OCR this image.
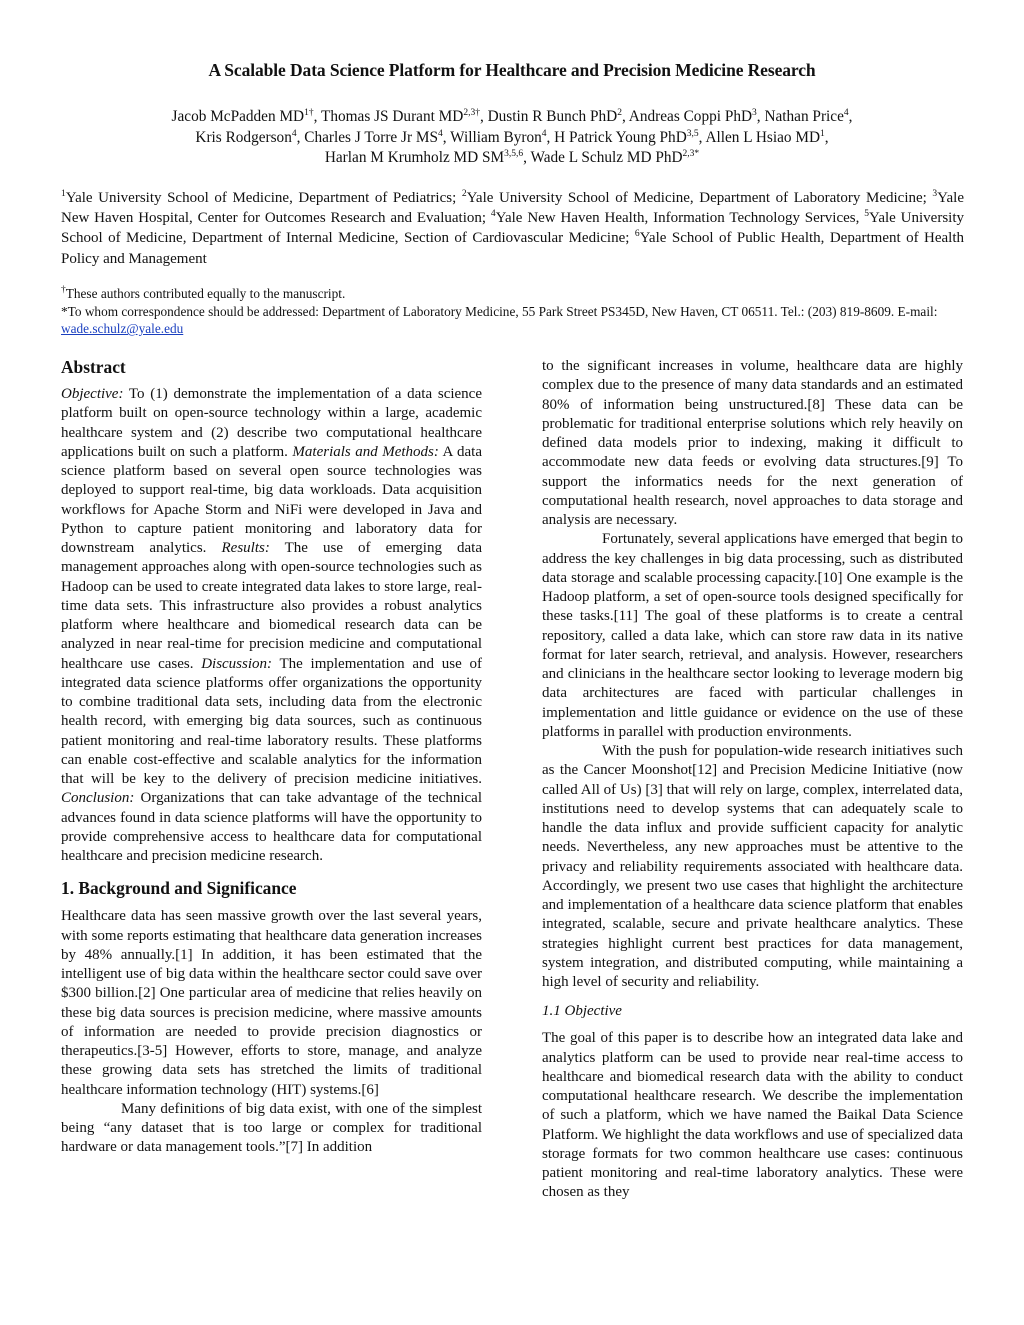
A Scalable Data Science Platform for Healthcare and Precision Medicine Research
Jacob McPadden $MD^{1\dagger}$, Thomas JS Durant $MD^{2,3\dagger}$, Dustin R Bunch PhD$^2$, Andreas Coppi PhD$^3$, Nathan Price$^4$,
Kris Rodgerson$^4$, Charles J Torre Jr $MS^4$, William Byron$^4$, H Patrick Young PhD$^{3,5}$, Allen L Hsiao $MD^1$,
Harlan M Krumholz MD SM$^{3,5,6}$, Wade L Schulz MD PhD$^{2,3*}$
$^1$Yale University School of Medicine, Department of Pediatrics; $^2$Yale University School of Medicine, Department of Laboratory Medicine; $^3$Yale New Haven Hospital, Center for Outcomes Research and Evaluation; $^4$Yale New Haven Health, Information Technology Services, $^5$Yale University School of Medicine, Department of Internal Medicine, Section of Cardiovascular Medicine; $^6$Yale School of Public Health, Department of Health Policy and Management
†These authors contributed equally to the manuscript.
*To whom correspondence should be addressed: Department of Laboratory Medicine, 55 Park Street PS345D, New Haven, CT 06511. Tel.: (203) 819-8609. E-mail: wade.schulz@yale.edu
Abstract

Objective: To (1) demonstrate the implementation of a data science platform built on open-source technology within a large, academic healthcare system and (2) describe two computational healthcare applications built on such a platform. Materials and Methods: A data science platform based on several open source technologies was deployed to support real-time, big data workloads. Data acquisition workflows for Apache Storm and NiFi were developed in Java and Python to capture patient monitoring and laboratory data for downstream analytics. Results: The use of emerging data management approaches along with open-source technologies such as Hadoop can be used to create integrated data lakes to store large, real-time data sets. This infrastructure also provides a robust analytics platform where healthcare and biomedical research data can be analyzed in near real-time for precision medicine and computational healthcare use cases. Discussion: The implementation and use of integrated data science platforms offer organizations the opportunity to combine traditional data sets, including data from the electronic health record, with emerging big data sources, such as continuous patient monitoring and real-time laboratory results. These platforms can enable cost-effective and scalable analytics for the information that will be key to the delivery of precision medicine initiatives. Conclusion: Organizations that can take advantage of the technical advances found in data science platforms will have the opportunity to provide comprehensive access to healthcare data for computational healthcare and precision medicine research.

1. Background and Significance

Healthcare data has seen massive growth over the last several years, with some reports estimating that healthcare data generation increases by 48% annually.[1] In addition, it has been estimated that the intelligent use of big data within the healthcare sector could save over $300 billion.[2] One particular area of medicine that relies heavily on these big data sources is precision medicine, where massive amounts of information are needed to provide precision diagnostics or therapeutics.[3-5] However, efforts to store, manage, and analyze these growing data sets has stretched the limits of traditional healthcare information technology (HIT) systems.[6]

Many definitions of big data exist, with one of the simplest being “any dataset that is too large or complex for traditional hardware or data management tools.”[7] In addition

to the significant increases in volume, healthcare data are highly complex due to the presence of many data standards and an estimated 80% of information being unstructured.[8] These data can be problematic for traditional enterprise solutions which rely heavily on defined data models prior to indexing, making it difficult to accommodate new data feeds or evolving data structures.[9] To support the informatics needs for the next generation of computational health research, novel approaches to data storage and analysis are necessary.

Fortunately, several applications have emerged that begin to address the key challenges in big data processing, such as distributed data storage and scalable processing capacity.[10] One example is the Hadoop platform, a set of open-source tools designed specifically for these tasks.[11] The goal of these platforms is to create a central repository, called a data lake, which can store raw data in its native format for later search, retrieval, and analysis. However, researchers and clinicians in the healthcare sector looking to leverage modern big data architectures are faced with particular challenges in implementation and little guidance or evidence on the use of these platforms in parallel with production environments.

With the push for population-wide research initiatives such as the Cancer Moonshot[12] and Precision Medicine Initiative (now called All of Us) [3] that will rely on large, complex, interrelated data, institutions need to develop systems that can adequately scale to handle the data influx and provide sufficient capacity for analytic needs. Nevertheless, any new approaches must be attentive to the privacy and reliability requirements associated with healthcare data. Accordingly, we present two use cases that highlight the architecture and implementation of a healthcare data science platform that enables integrated, scalable, secure and private healthcare analytics. These strategies highlight current best practices for data management, system integration, and distributed computing, while maintaining a high level of security and reliability.

1.1 Objective

The goal of this paper is to describe how an integrated data lake and analytics platform can be used to provide near real-time access to healthcare and biomedical research data with the ability to conduct computational healthcare research. We describe the implementation of such a platform, which we have named the Baikal Data Science Platform. We highlight the data workflows and use of specialized data storage formats for two common healthcare use cases: continuous patient monitoring and real-time laboratory analytics. These were chosen as they
